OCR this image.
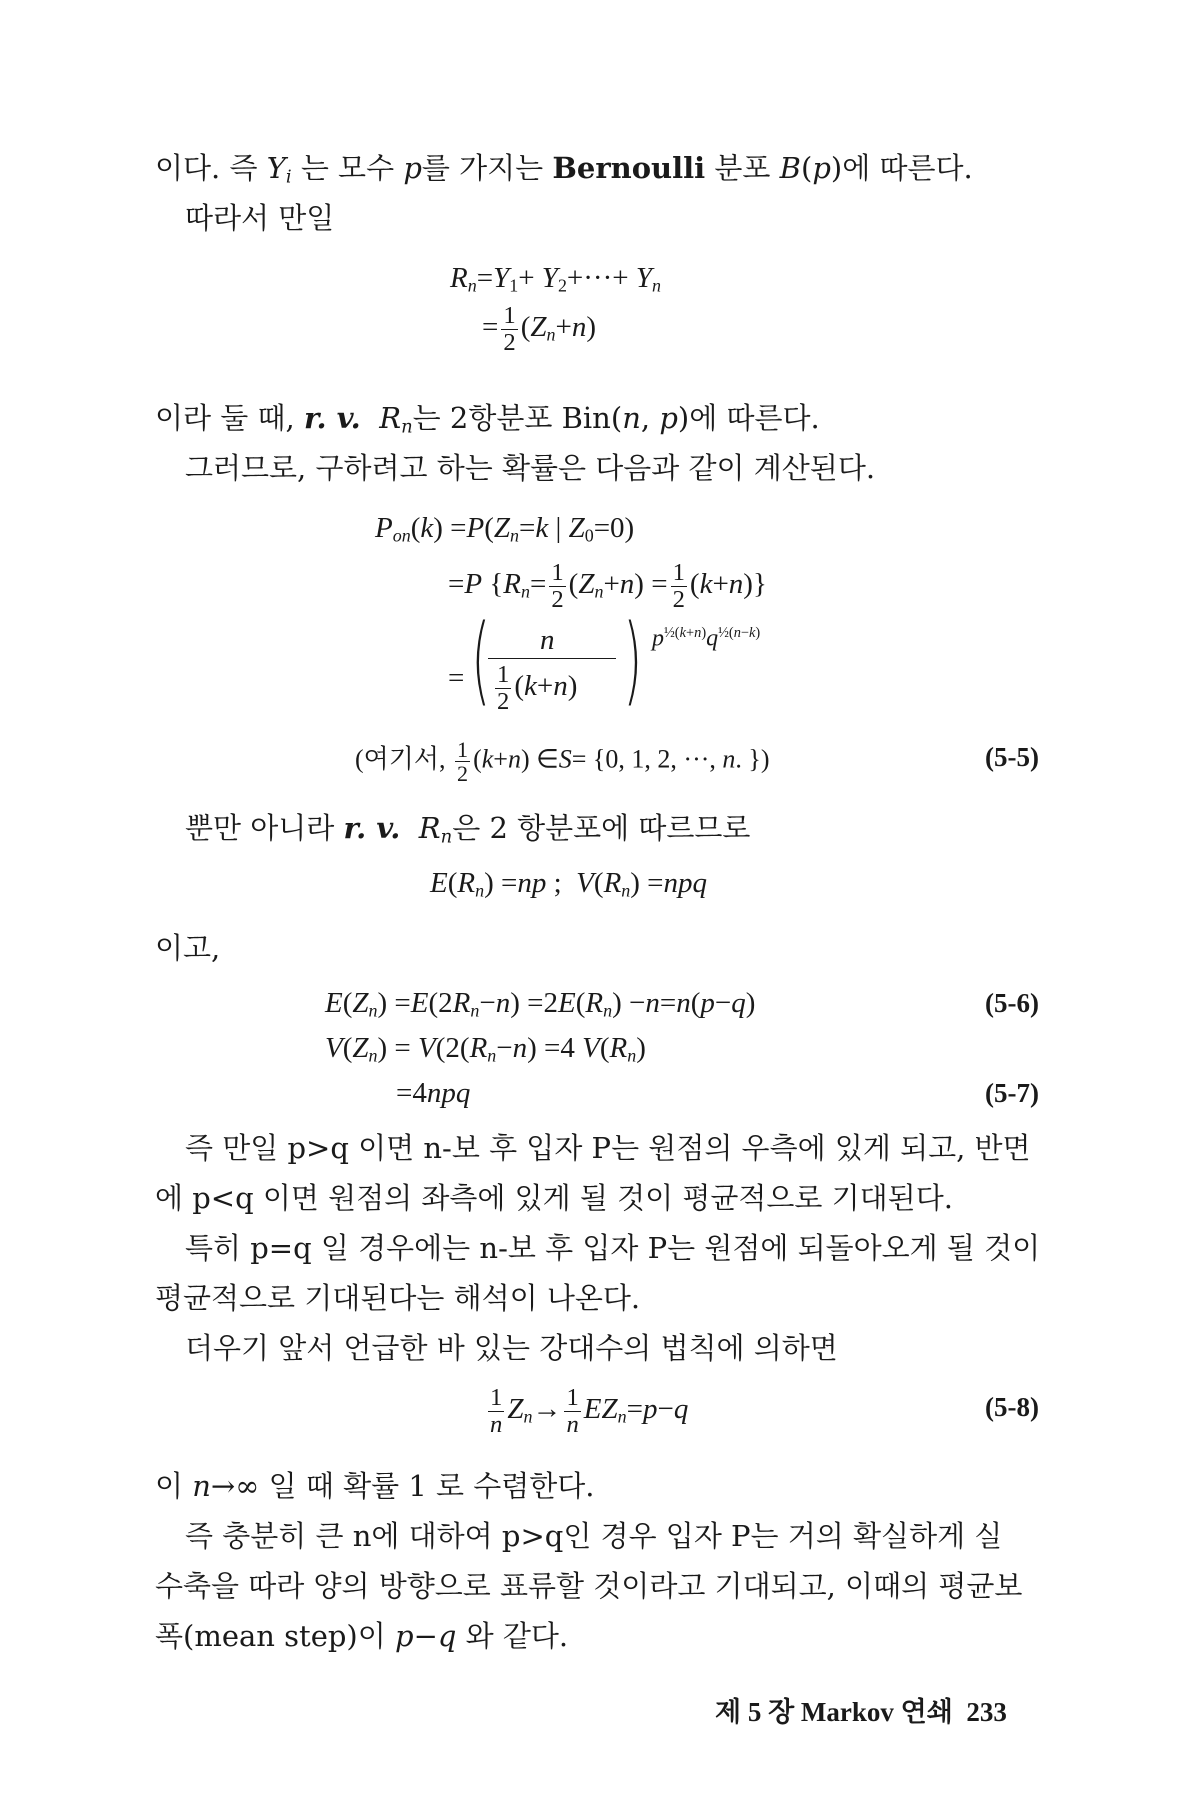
이다. 즉 $Y_i$ 는 모수 p를 가지는 Bernoulli 분포 B(p)에 따른다.
따라서 만일
$R_n=Y_1+ Y_2+\cdot\cdot\cdot+ Y_n$
= $\frac{1}{2} (Z_n+n)$
이라 둘 때, r. v. $R_n$는 2항분포 Bin(n, p)에 따른다.
그러므로, 구하려고 하는 확률은 다음과 같이 계산된다.
$P_{on}(k) =P(Z_n=k$ | $Z_0=0$)
=P $\{R_n= \frac{1}{2} (Z_n+n) = \frac{1}{2} (k+n)\}$
= ( n
$\frac{1}{2} (k+n)$ ) $p^{\frac{1}{2}(k+n)}q^{\frac{1}{2}(n-k)}$
(여기서, $\frac{1}{2} (k+n)$ ∈S= {0, 1, 2, ···, n. })	(5-5)
뿐만 아니라 r. v. $R_n$은 2 항분포에 따르므로
$E(R_n) =np$ ;  $V(R_n) =npq$
이고,
$E(Z_n) =E(2R_n-n) =2E(R_n) -n=n(p-q)$	(5-6)
$V(Z_n) = V(2(R_n-n) =4$ $V(R_n)$
=4npq	(5-7)
즉 만일 p>q 이면 n-보 후 입자 P는 원점의 우측에 있게 되고, 반면
에 p<q 이면 원점의 좌측에 있게 될 것이 평균적으로 기대된다.
특히 p=q 일 경우에는 n-보 후 입자 P는 원점에 되돌아오게 될 것이
평균적으로 기대된다는 해석이 나온다.
더우기 앞서 언급한 바 있는 강대수의 법칙에 의하면
$\frac{1}{n} Z_n\to \frac{1}{n} EZ_n=p-q$	(5-8)
이 n→∞ 일 때 확률 1 로 수렴한다.
즉 충분히 큰 n에 대하여 p>q인 경우 입자 P는 거의 확실하게 실
수축을 따라 양의 방향으로 표류할 것이라고 기대되고, 이때의 평균보
폭(mean step)이 p−q 와 같다.
제 5 장 Markov 연쇄 233
